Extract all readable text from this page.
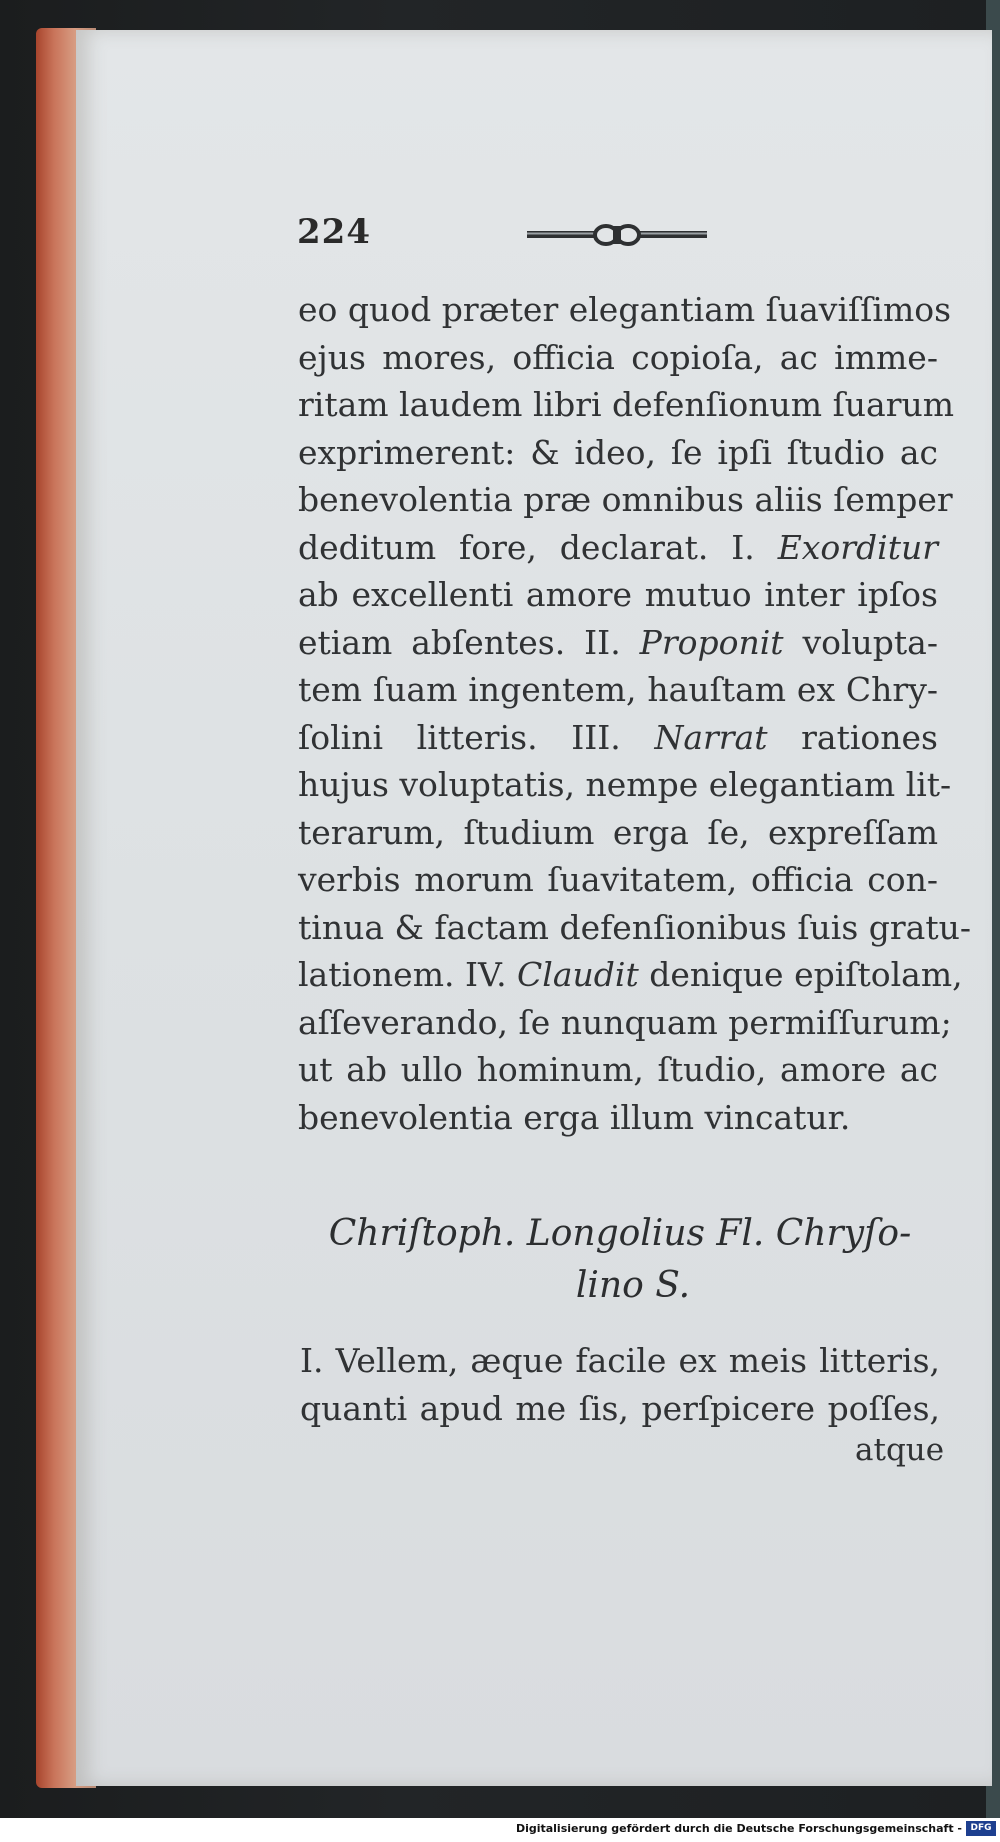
224
eo quod præter elegantiam ſuaviſſimos
ejus mores, officia copioſa, ac imme-
ritam laudem libri defenſionum ſuarum
exprimerent: & ideo, ſe ipſi ſtudio ac
benevolentia præ omnibus aliis ſemper
deditum fore, declarat. I. Exorditur
ab excellenti amore mutuo inter ipſos
etiam abſentes. II. Proponit volupta-
tem ſuam ingentem, hauſtam ex Chry-
ſolini litteris. III. Narrat rationes
hujus voluptatis, nempe elegantiam lit-
terarum, ſtudium erga ſe, expreſſam
verbis morum ſuavitatem, officia con-
tinua & factam defenſionibus ſuis gratu-
lationem. IV. Claudit denique epiſtolam,
aſſeverando, ſe nunquam permiſſurum;
ut ab ullo hominum, ſtudio, amore ac
benevolentia erga illum vincatur.
Chriſtoph. Longolius Fl. Chryſo-
lino S.
I. Vellem, æque facile ex meis litteris,
quanti apud me ſis, perſpicere poſſes,
atque
Digitalisierung gefördert durch die Deutsche Forschungsgemeinschaft - DFG
